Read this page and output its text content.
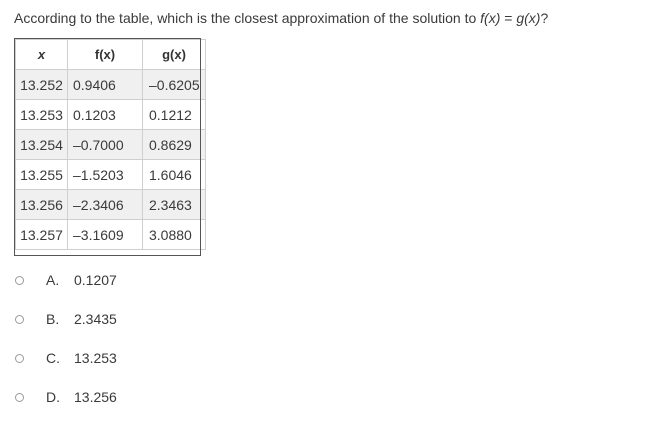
According to the table, which is the closest approximation of the solution to f(x) = g(x)?
x	f(x)	g(x)
13.252	0.9406	–0.6205
13.253	0.1203	0.1212
13.254	–0.7000	0.8629
13.255	–1.5203	1.6046
13.256	–2.3406	2.3463
13.257	–3.1609	3.0880
A.	0.1207
B.	2.3435
C.	13.253
D.	13.256
